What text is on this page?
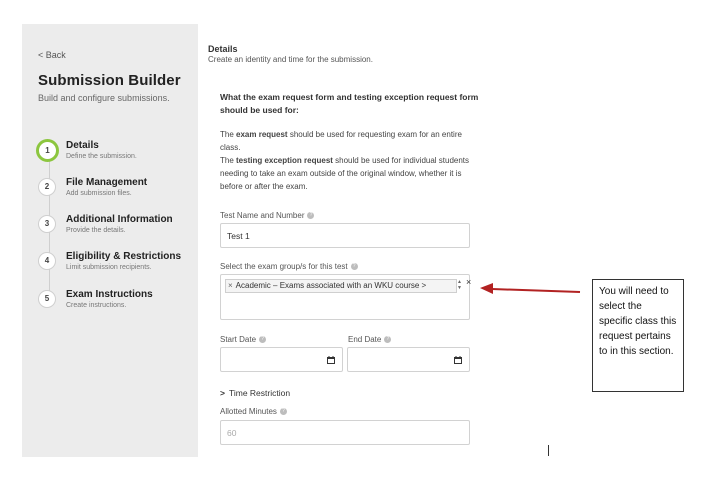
< Back
Submission Builder
Build and configure submissions.
1	Details
Define the submission.
2	File Management
Add submission files.
3	Additional Information
Provide the details.
4	Eligibility & Restrictions
Limit submission recipients.
5	Exam Instructions
Create instructions.
Details
Create an identity and time for the submission.
What the exam request form and testing exception request form should be used for:

The exam request should be used for requesting exam for an entire class.

The testing exception request should be used for individual students needing to take an exam outside of the original window, whether it is before or after the exam.

Test Name and Number ?
Test 1
Select the exam group/s for this test ?
× Academic – Exams associated with an WKU course >	▲
▼
×
Start Date ?	End Date ?
> Time Restriction
Allotted Minutes ?
60
You will need to select the specific class this request pertains to in this section.
